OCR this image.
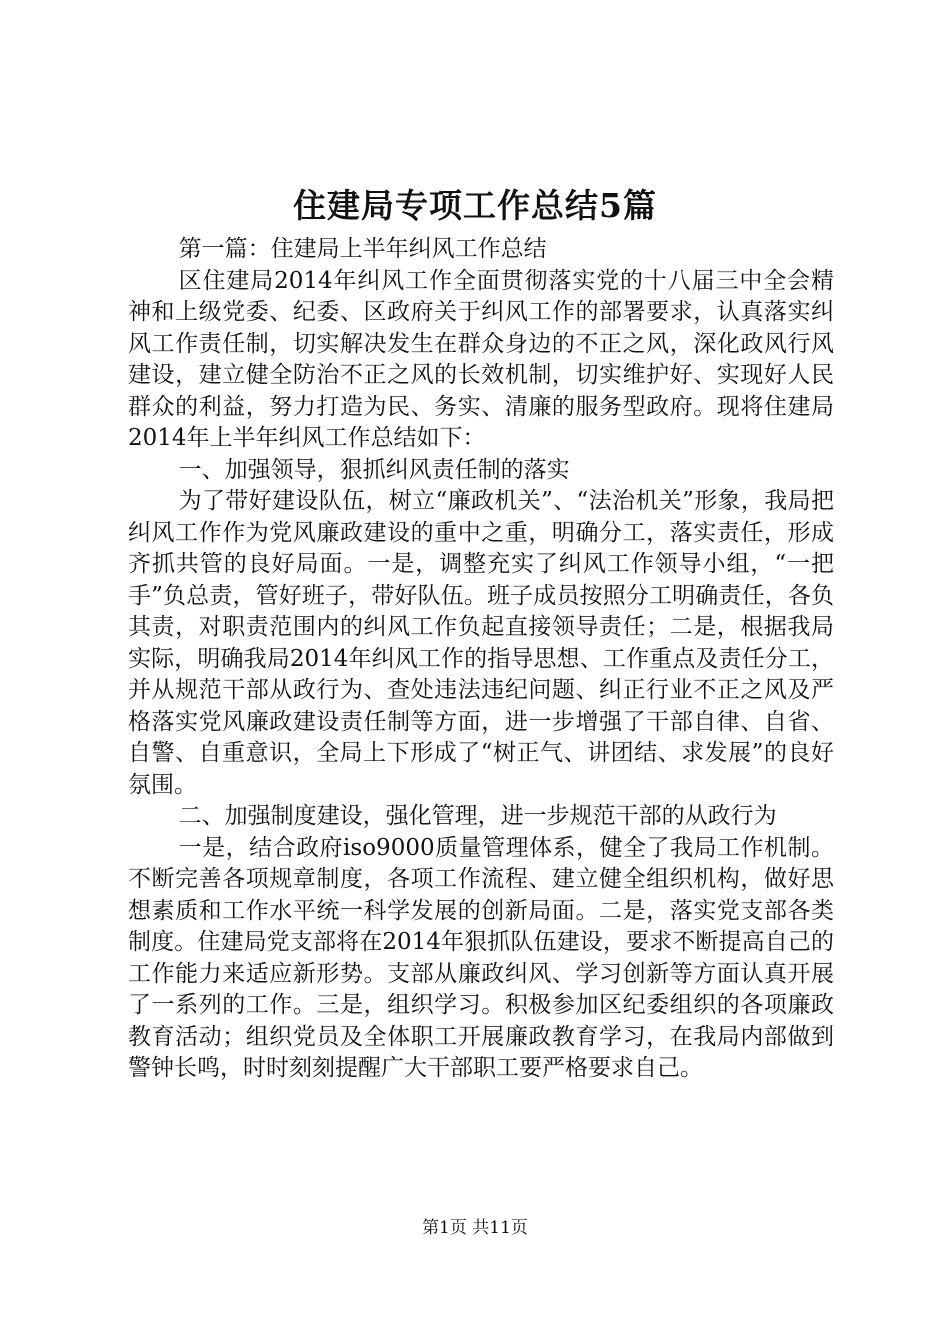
住建局专项工作总结5篇

第一篇：住建局上半年纠风工作总结

区住建局2014年纠风工作全面贯彻落实党的十八届三中全会精神和上级党委、纪委、区政府关于纠风工作的部署要求，认真落实纠风工作责任制，切实解决发生在群众身边的不正之风，深化政风行风建设，建立健全防治不正之风的长效机制，切实维护好、实现好人民群众的利益，努力打造为民、务实、清廉的服务型政府。现将住建局2014年上半年纠风工作总结如下：

一、加强领导，狠抓纠风责任制的落实

为了带好建设队伍，树立“廉政机关”、“法治机关”形象，我局把纠风工作作为党风廉政建设的重中之重，明确分工，落实责任，形成齐抓共管的良好局面。一是，调整充实了纠风工作领导小组，“一把手”负总责，管好班子，带好队伍。班子成员按照分工明确责任，各负其责，对职责范围内的纠风工作负起直接领导责任；二是，根据我局实际，明确我局2014年纠风工作的指导思想、工作重点及责任分工，并从规范干部从政行为、查处违法违纪问题、纠正行业不正之风及严格落实党风廉政建设责任制等方面，进一步增强了干部自律、自省、自警、自重意识，全局上下形成了“树正气、讲团结、求发展”的良好氛围。

二、加强制度建设，强化管理，进一步规范干部的从政行为

一是，结合政府iso9000质量管理体系，健全了我局工作机制。不断完善各项规章制度，各项工作流程、建立健全组织机构，做好思想素质和工作水平统一科学发展的创新局面。二是，落实党支部各类制度。住建局党支部将在2014年狠抓队伍建设，要求不断提高自己的工作能力来适应新形势。支部从廉政纠风、学习创新等方面认真开展了一系列的工作。三是，组织学习。积极参加区纪委组织的各项廉政教育活动；组织党员及全体职工开展廉政教育学习，在我局内部做到警钟长鸣，时时刻刻提醒广大干部职工要严格要求自己。

第1页 共11页
